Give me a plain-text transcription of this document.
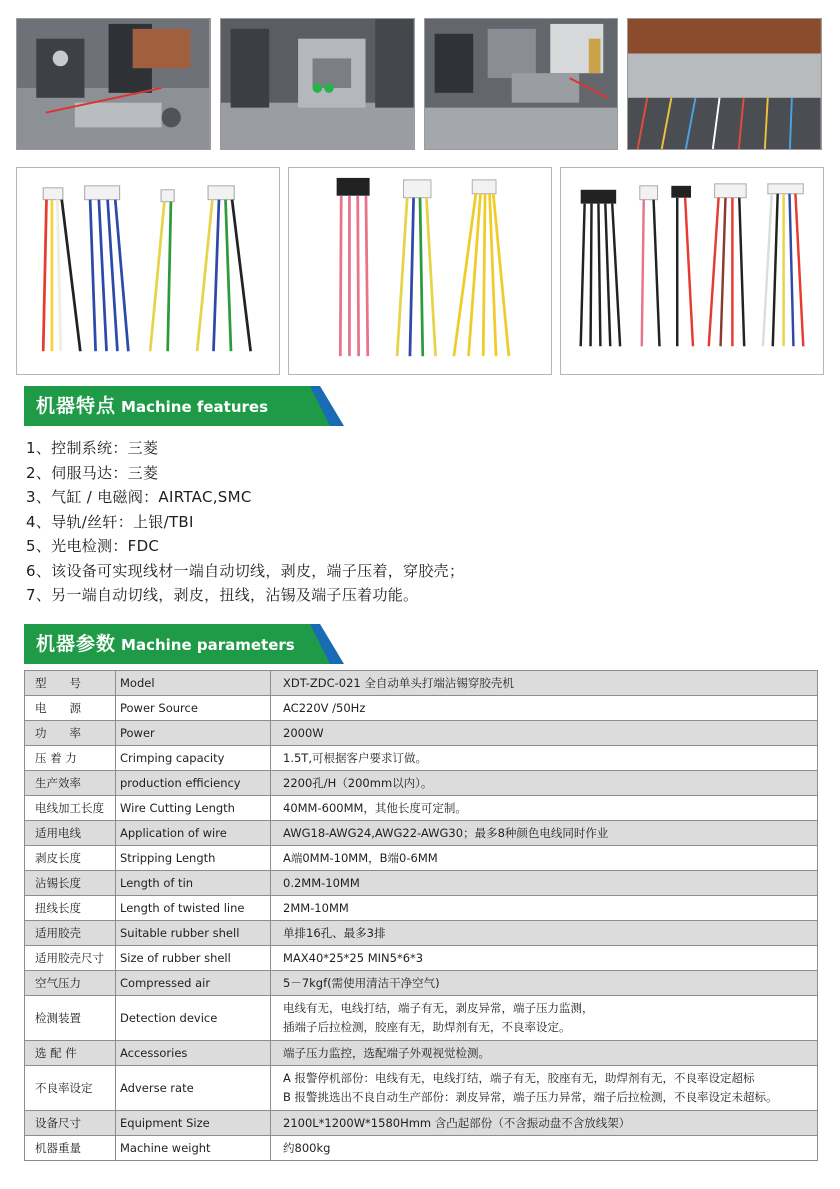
机器特点 Machine features
1、控制系统：三菱
2、伺服马达：三菱
3、气缸 / 电磁阀：AIRTAC,SMC
4、导轨/丝轩：上银/TBI
5、光电检测：FDC
6、该设备可实现线材一端自动切线，剥皮，端子压着，穿胶壳；
7、另一端自动切线，剥皮，扭线，沾锡及端子压着功能。
机器参数 Machine parameters
型　　号	Model	XDT-ZDC-021 全自动单头打端沾锡穿胶壳机

电　　源	Power Source	AC220V /50Hz

功　　率	Power	2000W

压 着 力	Crimping capacity	1.5T,可根据客户要求订做。

生产效率	production efficiency	2200孔/H（200mm以内）。

电线加工长度	Wire Cutting Length	40MM-600MM，其他长度可定制。

适用电线	Application of wire	AWG18-AWG24,AWG22-AWG30；最多8种颜色电线同时作业

剥皮长度	Stripping Length	A端0MM-10MM，B端0-6MM

沾锡长度	Length of tin	0.2MM-10MM

扭线长度	Length of twisted line	2MM-10MM

适用胶壳	Suitable rubber shell	单排16孔、最多3排

适用胶壳尺寸	Size of rubber shell	MAX40*25*25 MIN5*6*3

空气压力	Compressed air	5－7kgf(需使用清洁干净空气)

检测装置	Detection device	电线有无，电线打结，端子有无，剥皮异常，端子压力监测，
插端子后拉检测，胶座有无，助焊剂有无，不良率设定。

选 配 件	Accessories	端子压力监控，选配端子外观视觉检测。

不良率设定	Adverse rate	A 报警停机部份：电线有无，电线打结，端子有无，胶座有无，助焊剂有无，不良率设定超标
B 报警挑选出不良自动生产部份：剥皮异常，端子压力异常，端子后拉检测，不良率设定未超标。

设备尺寸	Equipment Size	2100L*1200W*1580Hmm 含凸起部份（不含振动盘不含放线架）

机器重量	Machine weight	约800kg
